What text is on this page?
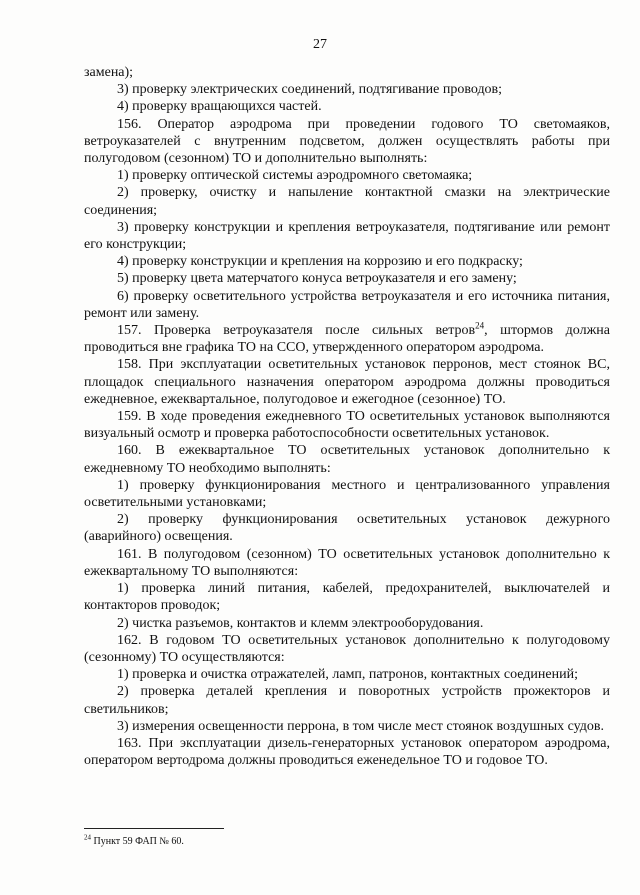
27

замена);

3) проверку электрических соединений, подтягивание проводов;

4) проверку вращающихся частей.

156. Оператор аэродрома при проведении годового ТО светомаяков, ветроуказателей с внутренним подсветом, должен осуществлять работы при полугодовом (сезонном) ТО и дополнительно выполнять:

1) проверку оптической системы аэродромного светомаяка;

2) проверку, очистку и напыление контактной смазки на электрические соединения;

3) проверку конструкции и крепления ветроуказателя, подтягивание или ремонт его конструкции;

4) проверку конструкции и крепления на коррозию и его подкраску;

5) проверку цвета матерчатого конуса ветроуказателя и его замену;

6) проверку осветительного устройства ветроуказателя и его источника питания, ремонт или замену.

157. Проверка ветроуказателя после сильных ветров$^{24}$, штормов должна проводиться вне графика ТО на ССО, утвержденного оператором аэродрома.

158. При эксплуатации осветительных установок перронов, мест стоянок ВС, площадок специального назначения оператором аэродрома должны проводиться ежедневное, ежеквартальное, полугодовое и ежегодное (сезонное) ТО.

159. В ходе проведения ежедневного ТО осветительных установок выполняются визуальный осмотр и проверка работоспособности осветительных установок.

160. В ежеквартальное ТО осветительных установок дополнительно к ежедневному ТО необходимо выполнять:

1) проверку функционирования местного и централизованного управления осветительными установками;

2) проверку функционирования осветительных установок дежурного (аварийного) освещения.

161. В полугодовом (сезонном) ТО осветительных установок дополнительно к ежеквартальному ТО выполняются:

1) проверка линий питания, кабелей, предохранителей, выключателей и контакторов проводок;

2) чистка разъемов, контактов и клемм электрооборудования.

162. В годовом ТО осветительных установок дополнительно к полугодовому (сезонному) ТО осуществляются:

1) проверка и очистка отражателей, ламп, патронов, контактных соединений;

2) проверка деталей крепления и поворотных устройств прожекторов и светильников;

3) измерения освещенности перрона, в том числе мест стоянок воздушных судов.

163. При эксплуатации дизель-генераторных установок оператором аэродрома, оператором вертодрома должны проводиться еженедельное ТО и годовое ТО.

$^{24}$ Пункт 59 ФАП № 60.
